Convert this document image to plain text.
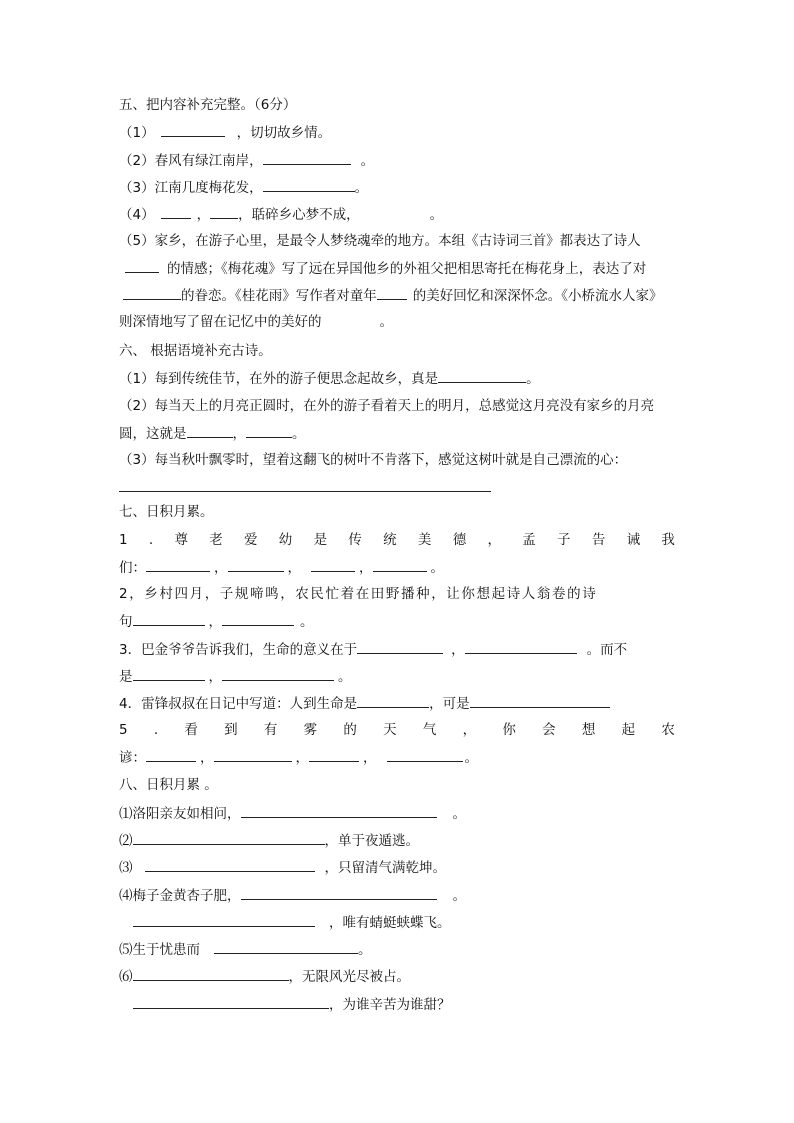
五、把内容补充完整。（6分）
（1）	，切切故乡情。
（2）春风有绿江南岸，	。
（3）江南几度梅花发，	。
（4）	， ，聒碎乡心梦不成，	。
（5）家乡，在游子心里，是最令人梦绕魂牵的地方。本组《古诗词三首》都表达了诗人
的情感；《梅花魂》写了远在异国他乡的外祖父把相思寄托在梅花身上，表达了对
的眷恋。《桂花雨》写作者对童年	的美好回忆和深深怀念。《小桥流水人家》
则深情地写了留在记忆中的美好的	。
六、 根据语境补充古诗。
（1）每到传统佳节，在外的游子便思念起故乡，真是	。
（2）每当天上的月亮正圆时，在外的游子看着天上的明月，总感觉这月亮没有家乡的月亮
圆，这就是	，	。
（3）每当秋叶飘零时，望着这翻飞的树叶不肯落下，感觉这树叶就是自己漂流的心：
七、日积月累。
1 . 尊 老 爱 幼 是 传 统 美 德 ， 孟 子 告 诫 我
们：	，	，	，	。
2，乡村四月，子规啼鸣，农民忙着在田野播种，让你想起诗人翁卷的诗
句	，	。
3．巴金爷爷告诉我们，生命的意义在于	，	。而不
是	，	。
4．雷锋叔叔在日记中写道：人到生命是	，可是
5 . 看 到 有 雾 的 天 气 ， 你 会 想 起 农
谚：	，	，	，	。
八、日积月累 。
⑴洛阳亲友如相问，	。
⑵	，单于夜遁逃。
⑶	，只留清气满乾坤。
⑷梅子金黄杏子肥，	。
，唯有蜻蜓蛱蝶飞。
⑸生于忧患而	。
⑹	，无限风光尽被占。
，为谁辛苦为谁甜？
